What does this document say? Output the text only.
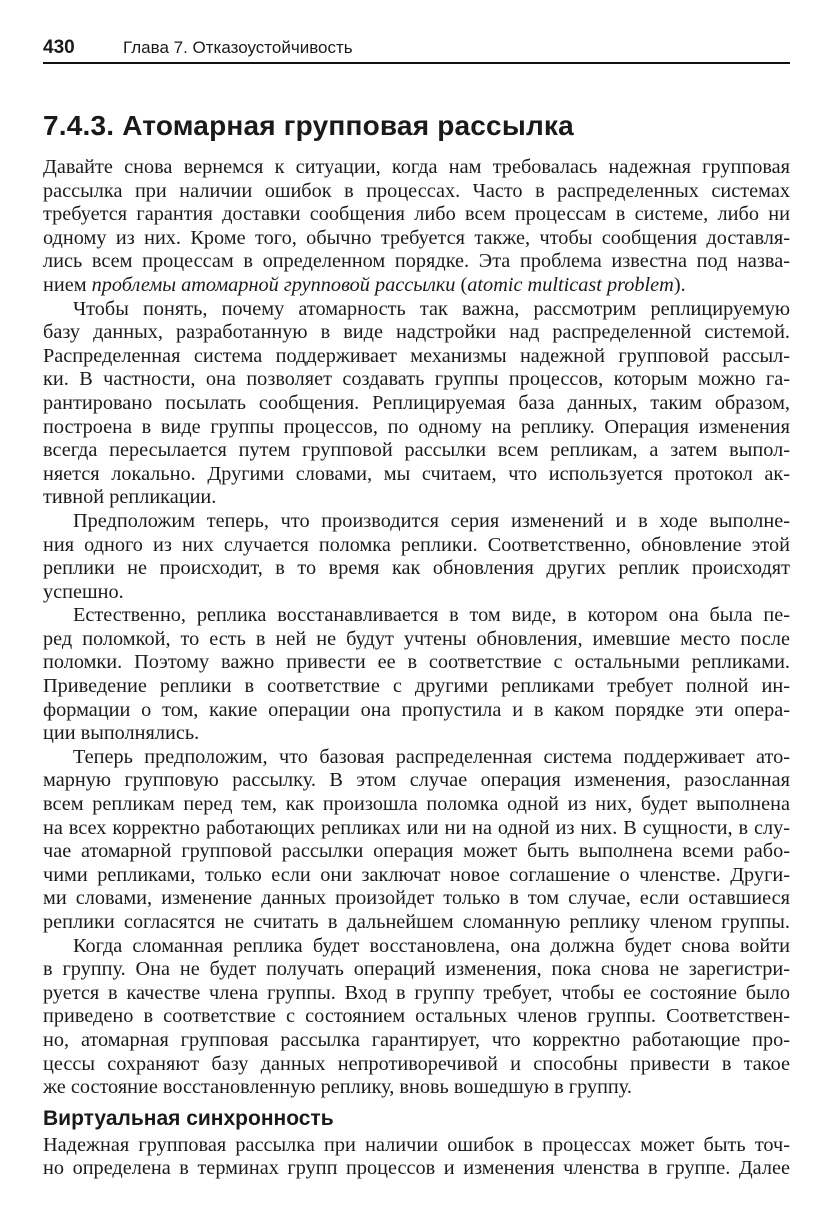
430	Глава 7. Отказоустойчивость
7.4.3. Атомарная групповая рассылка
Давайте снова вернемся к ситуации, когда нам требовалась надежная групповая
рассылка при наличии ошибок в процессах. Часто в распределенных системах
требуется гарантия доставки сообщения либо всем процессам в системе, либо ни
одному из них. Кроме того, обычно требуется также, чтобы сообщения доставля-
лись всем процессам в определенном порядке. Эта проблема известна под назва-
нием проблемы атомарной групповой рассылки (atomic multicast problem).
Чтобы понять, почему атомарность так важна, рассмотрим реплицируемую
базу данных, разработанную в виде надстройки над распределенной системой.
Распределенная система поддерживает механизмы надежной групповой рассыл-
ки. В частности, она позволяет создавать группы процессов, которым можно га-
рантировано посылать сообщения. Реплицируемая база данных, таким образом,
построена в виде группы процессов, по одному на реплику. Операция изменения
всегда пересылается путем групповой рассылки всем репликам, а затем выпол-
няется локально. Другими словами, мы считаем, что используется протокол ак-
тивной репликации.
Предположим теперь, что производится серия изменений и в ходе выполне-
ния одного из них случается поломка реплики. Соответственно, обновление этой
реплики не происходит, в то время как обновления других реплик происходят
успешно.
Естественно, реплика восстанавливается в том виде, в котором она была пе-
ред поломкой, то есть в ней не будут учтены обновления, имевшие место после
поломки. Поэтому важно привести ее в соответствие с остальными репликами.
Приведение реплики в соответствие с другими репликами требует полной ин-
формации о том, какие операции она пропустила и в каком порядке эти опера-
ции выполнялись.
Теперь предположим, что базовая распределенная система поддерживает ато-
марную групповую рассылку. В этом случае операция изменения, разосланная
всем репликам перед тем, как произошла поломка одной из них, будет выполнена
на всех корректно работающих репликах или ни на одной из них. В сущности, в слу-
чае атомарной групповой рассылки операция может быть выполнена всеми рабо-
чими репликами, только если они заключат новое соглашение о членстве. Други-
ми словами, изменение данных произойдет только в том случае, если оставшиеся
реплики согласятся не считать в дальнейшем сломанную реплику членом группы.
Когда сломанная реплика будет восстановлена, она должна будет снова войти
в группу. Она не будет получать операций изменения, пока снова не зарегистри-
руется в качестве члена группы. Вход в группу требует, чтобы ее состояние было
приведено в соответствие с состоянием остальных членов группы. Соответствен-
но, атомарная групповая рассылка гарантирует, что корректно работающие про-
цессы сохраняют базу данных непротиворечивой и способны привести в такое
же состояние восстановленную реплику, вновь вошедшую в группу.
Виртуальная синхронность
Надежная групповая рассылка при наличии ошибок в процессах может быть точ-
но определена в терминах групп процессов и изменения членства в группе. Далее
